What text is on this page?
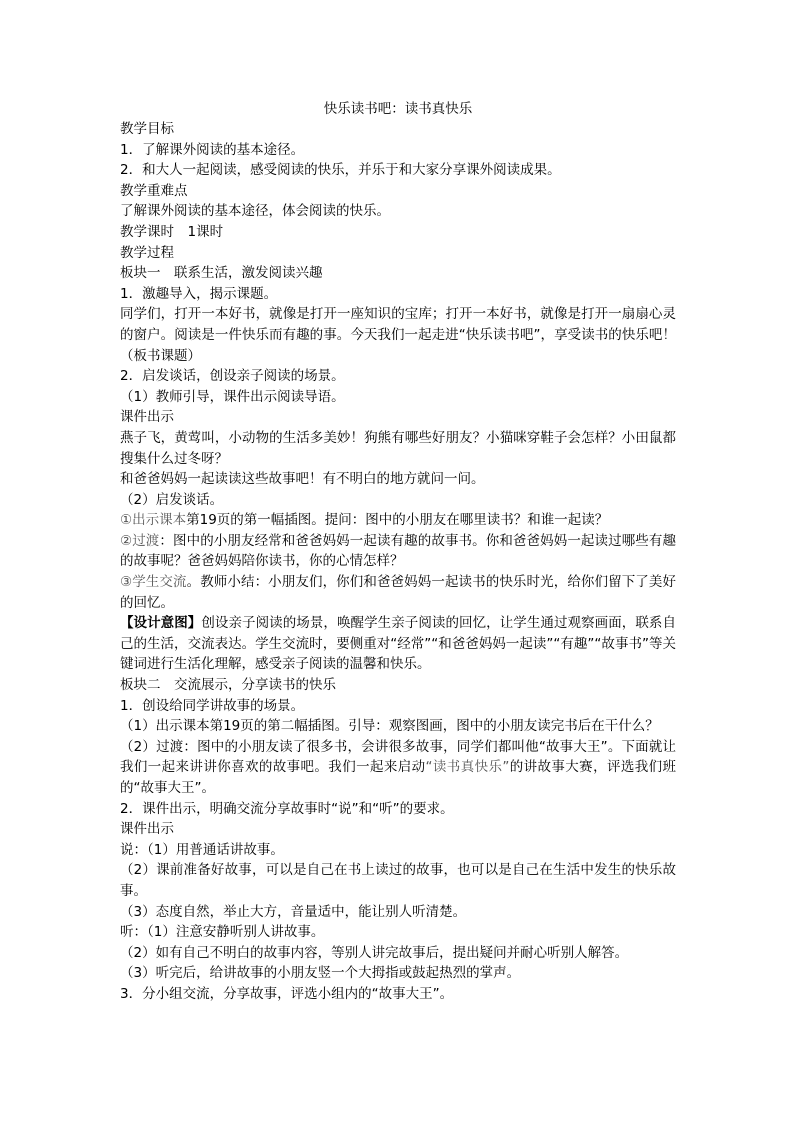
快乐读书吧：读书真快乐
教学目标
1．了解课外阅读的基本途径。
2．和大人一起阅读，感受阅读的快乐，并乐于和大家分享课外阅读成果。
教学重难点
了解课外阅读的基本途径，体会阅读的快乐。
教学课时　1课时
教学过程
板块一　联系生活，激发阅读兴趣
1．激趣导入，揭示课题。
同学们，打开一本好书，就像是打开一座知识的宝库；打开一本好书，就像是打开一扇扇心灵的窗户。阅读是一件快乐而有趣的事。今天我们一起走进“快乐读书吧”，享受读书的快乐吧！（板书课题）
2．启发谈话，创设亲子阅读的场景。
（1）教师引导，课件出示阅读导语。
课件出示
燕子飞，黄莺叫，小动物的生活多美妙！狗熊有哪些好朋友？小猫咪穿鞋子会怎样？小田鼠都搜集什么过冬呀？
和爸爸妈妈一起读读这些故事吧！有不明白的地方就问一问。
（2）启发谈话。
①出示课本第19页的第一幅插图。提问：图中的小朋友在哪里读书？和谁一起读？
②过渡：图中的小朋友经常和爸爸妈妈一起读有趣的故事书。你和爸爸妈妈一起读过哪些有趣的故事呢？爸爸妈妈陪你读书，你的心情怎样？
③学生交流。教师小结：小朋友们，你们和爸爸妈妈一起读书的快乐时光，给你们留下了美好的回忆。
【设计意图】创设亲子阅读的场景，唤醒学生亲子阅读的回忆，让学生通过观察画面，联系自己的生活，交流表达。学生交流时，要侧重对“经常”“和爸爸妈妈一起读”“有趣”“故事书”等关键词进行生活化理解，感受亲子阅读的温馨和快乐。
板块二　交流展示，分享读书的快乐
1．创设给同学讲故事的场景。
（1）出示课本第19页的第二幅插图。引导：观察图画，图中的小朋友读完书后在干什么？
（2）过渡：图中的小朋友读了很多书，会讲很多故事，同学们都叫他“故事大王”。下面就让我们一起来讲讲你喜欢的故事吧。我们一起来启动“读书真快乐”的讲故事大赛，评选我们班的“故事大王”。
2．课件出示，明确交流分享故事时“说”和“听”的要求。
课件出示
说：（1）用普通话讲故事。
（2）课前准备好故事，可以是自己在书上读过的故事，也可以是自己在生活中发生的快乐故事。
（3）态度自然，举止大方，音量适中，能让别人听清楚。
听：（1）注意安静听别人讲故事。
（2）如有自己不明白的故事内容，等别人讲完故事后，提出疑问并耐心听别人解答。
（3）听完后，给讲故事的小朋友竖一个大拇指或鼓起热烈的掌声。
3．分小组交流，分享故事，评选小组内的“故事大王”。
